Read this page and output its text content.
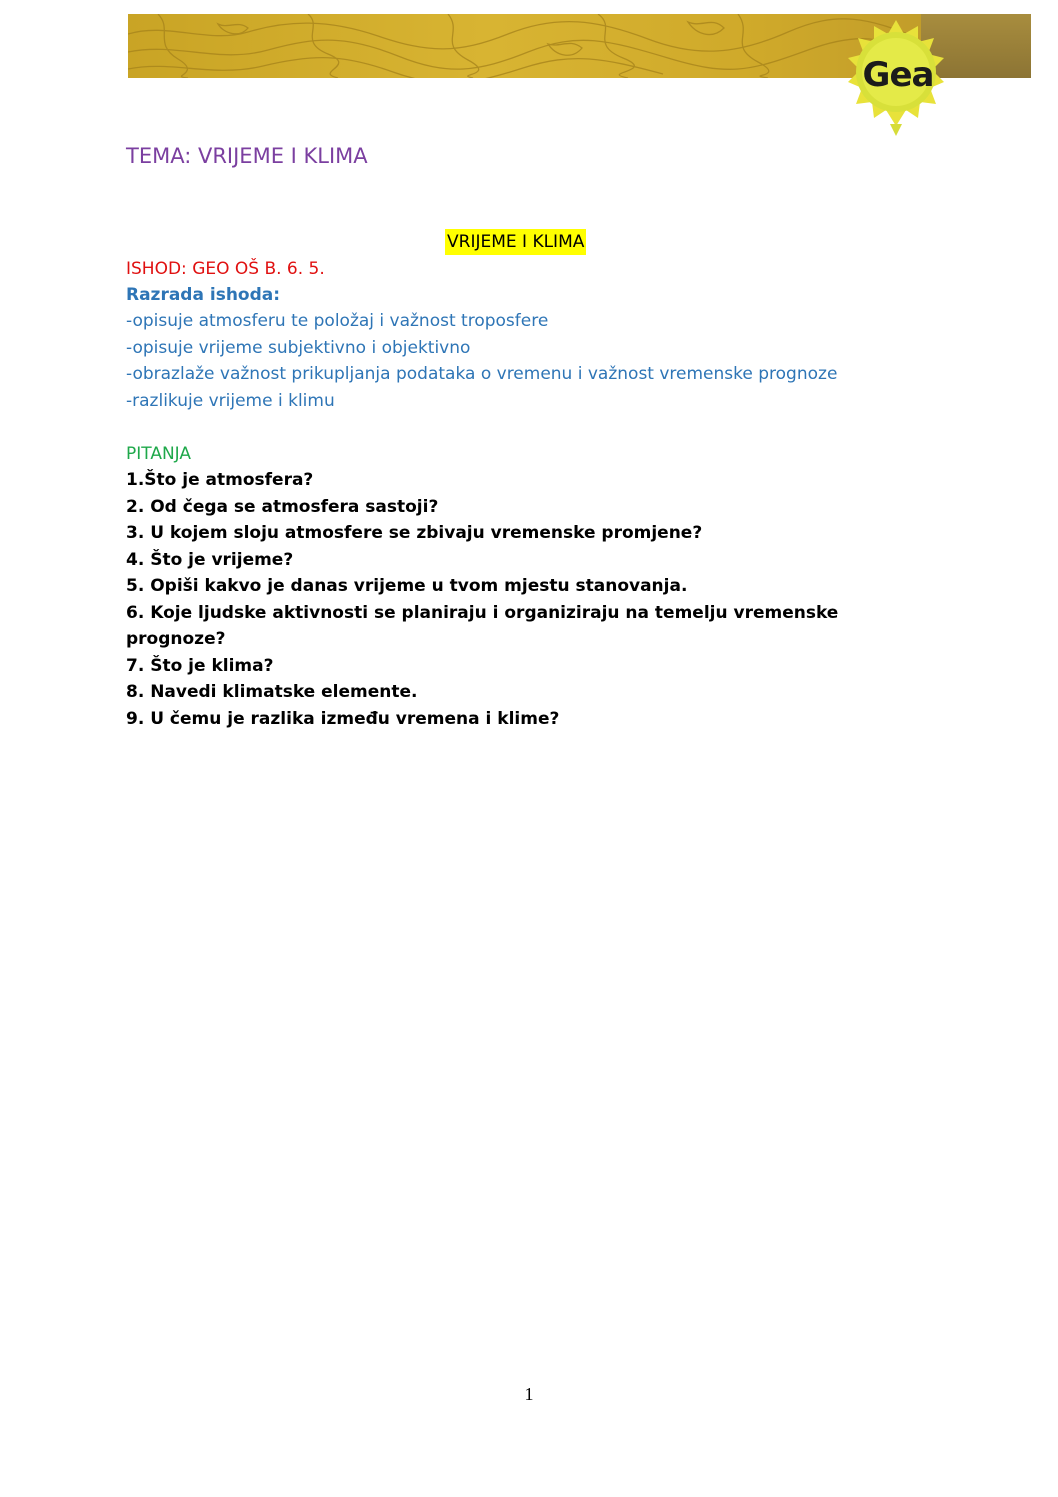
Gea
TEMA: VRIJEME I KLIMA
VRIJEME I KLIMA
ISHOD: GEO OŠ B. 6. 5.
Razrada ishoda:
-opisuje atmosferu te položaj i važnost troposfere
-opisuje vrijeme subjektivno i objektivno
-obrazlaže važnost prikupljanja podataka o vremenu i važnost vremenske prognoze
-razlikuje vrijeme i klimu
PITANJA
1.Što je atmosfera?
2. Od čega se atmosfera sastoji?
3. U kojem sloju atmosfere se zbivaju vremenske promjene?
4. Što je vrijeme?
5. Opiši kakvo je danas vrijeme u tvom mjestu stanovanja.
6. Koje ljudske aktivnosti se planiraju i organiziraju na temelju vremenske prognoze?
7. Što je klima?
8. Navedi klimatske elemente.
9. U čemu je razlika između vremena i klime?
1
